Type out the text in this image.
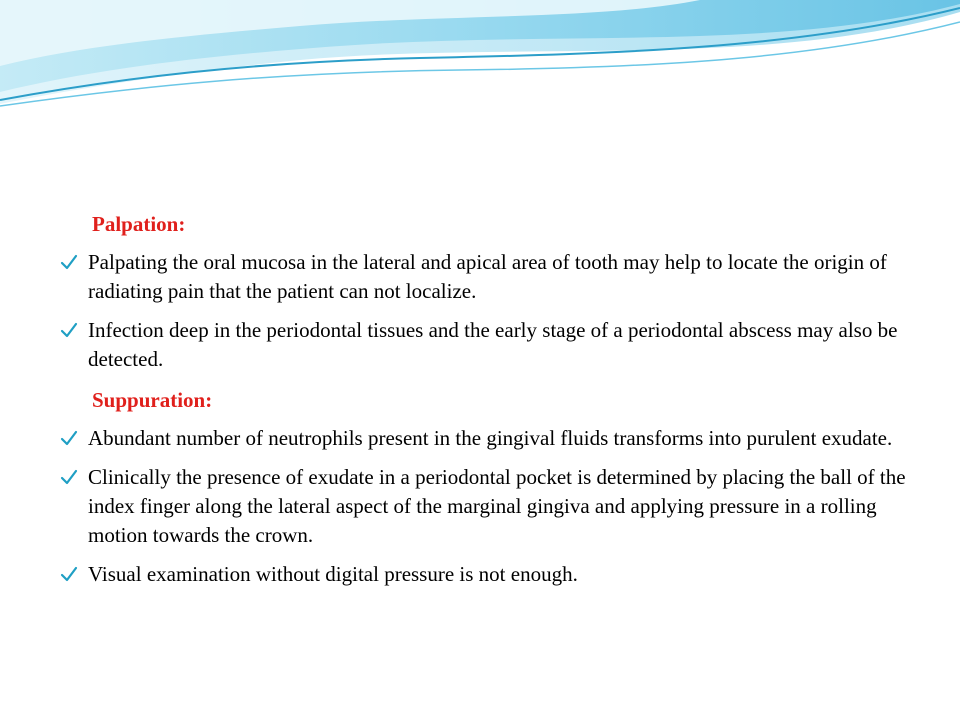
Palpation:
Palpating the oral mucosa in the lateral and apical area of tooth may help to locate the origin of radiating pain that the patient can not localize.
Infection deep in the periodontal tissues and the early stage of a periodontal abscess may also be detected.
Suppuration:
Abundant number of neutrophils present in the gingival fluids transforms into purulent exudate.
Clinically the presence of exudate in a periodontal pocket is determined by placing the ball of the index finger along the lateral aspect of the marginal gingiva and applying pressure in a rolling motion towards the crown.
Visual examination without digital pressure is not enough.
